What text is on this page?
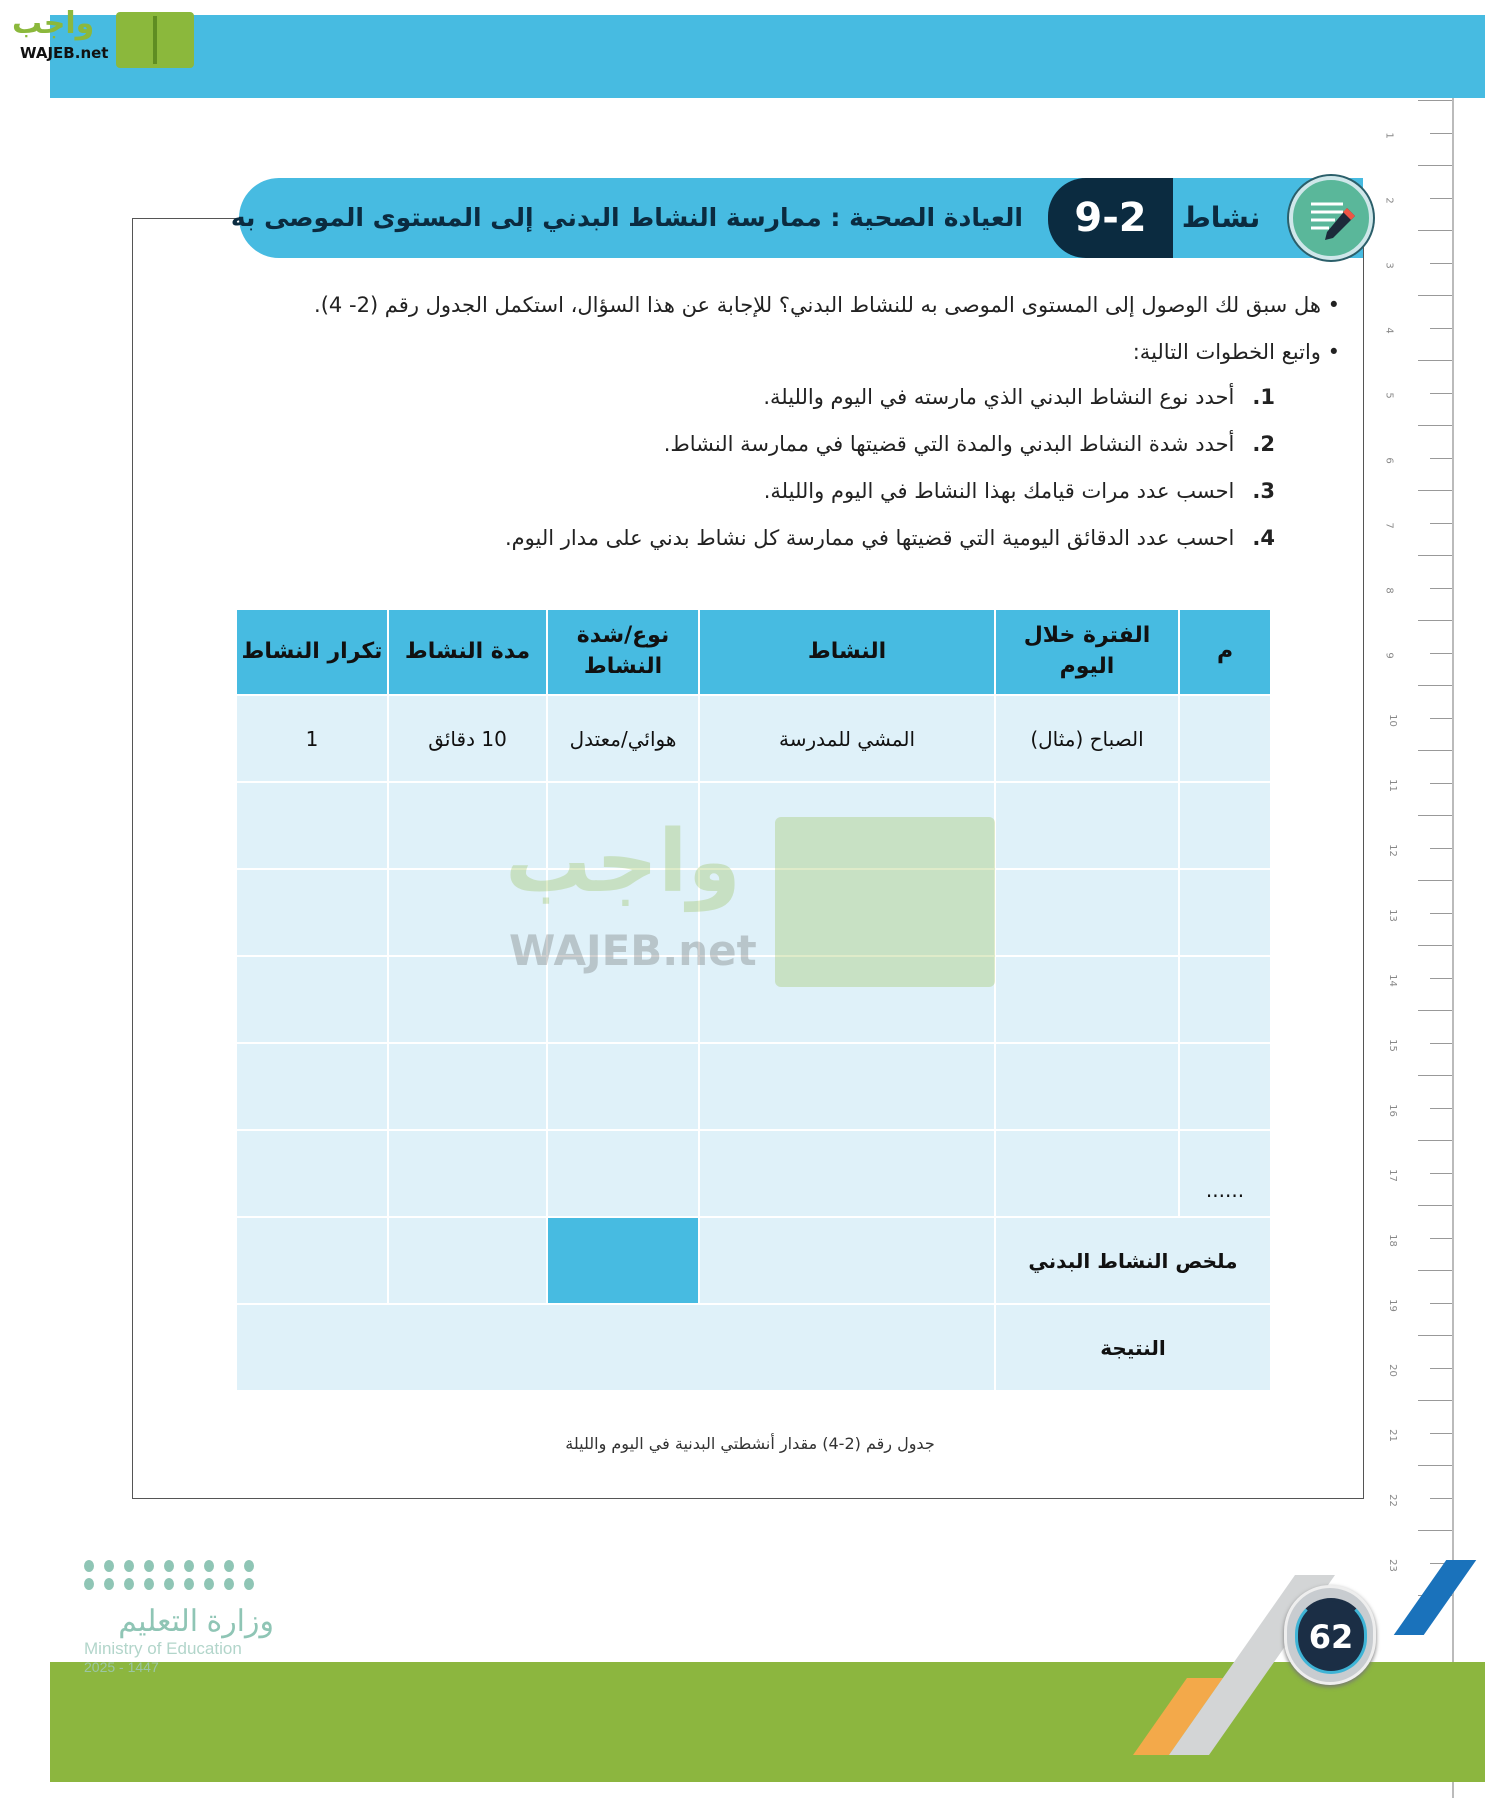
واجب
WAJEB.net
1
2
3
4
5
6
7
8
9
10
11
12
13
14
15
16
17
18
19
20
21
22
23
نشاط
9-2
العيادة الصحية : ممارسة النشاط البدني إلى المستوى الموصى به
• هل سبق لك الوصول إلى المستوى الموصى به للنشاط البدني؟ للإجابة عن هذا السؤال، استكمل الجدول رقم (2- 4).
• واتبع الخطوات التالية:
1.أحدد نوع النشاط البدني الذي مارسته في اليوم والليلة.
2.أحدد شدة النشاط البدني والمدة التي قضيتها في ممارسة النشاط.
3.احسب عدد مرات قيامك بهذا النشاط في اليوم والليلة.
4.احسب عدد الدقائق اليومية التي قضيتها في ممارسة كل نشاط بدني على مدار اليوم.
م	الفترة خلال اليوم	النشاط	نوع/شدة النشاط	مدة النشاط	تكرار النشاط
	الصباح (مثال)	المشي للمدرسة	هوائي/معتدل	10 دقائق	1

......					
ملخص النشاط البدني					
النتيجة					
واجب
WAJEB.net
جدول رقم (2-4) مقدار أنشطتي البدنية في اليوم والليلة
وزارة التعليم
Ministry of Education
2025 - 1447
62
